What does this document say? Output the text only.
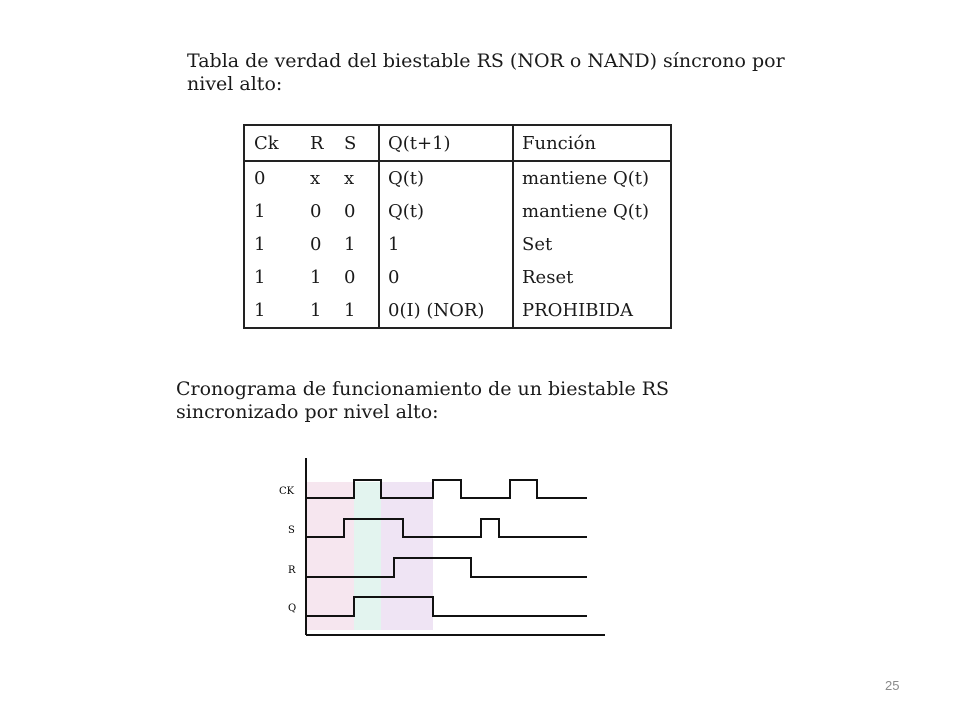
Tabla de verdad del biestable RS (NOR o NAND) síncrono por nivel alto:

Ck	R	S	Q(t+1)	Función
0	x	x	Q(t)	mantiene Q(t)
1	0	0	Q(t)	mantiene Q(t)
1	0	1	1	Set
1	1	0	0	Reset
1	1	1	0(I) (NOR)	PROHIBIDA

Cronograma de funcionamiento de un biestable RS sincronizado por nivel alto:

CK
S
R
Q
25
